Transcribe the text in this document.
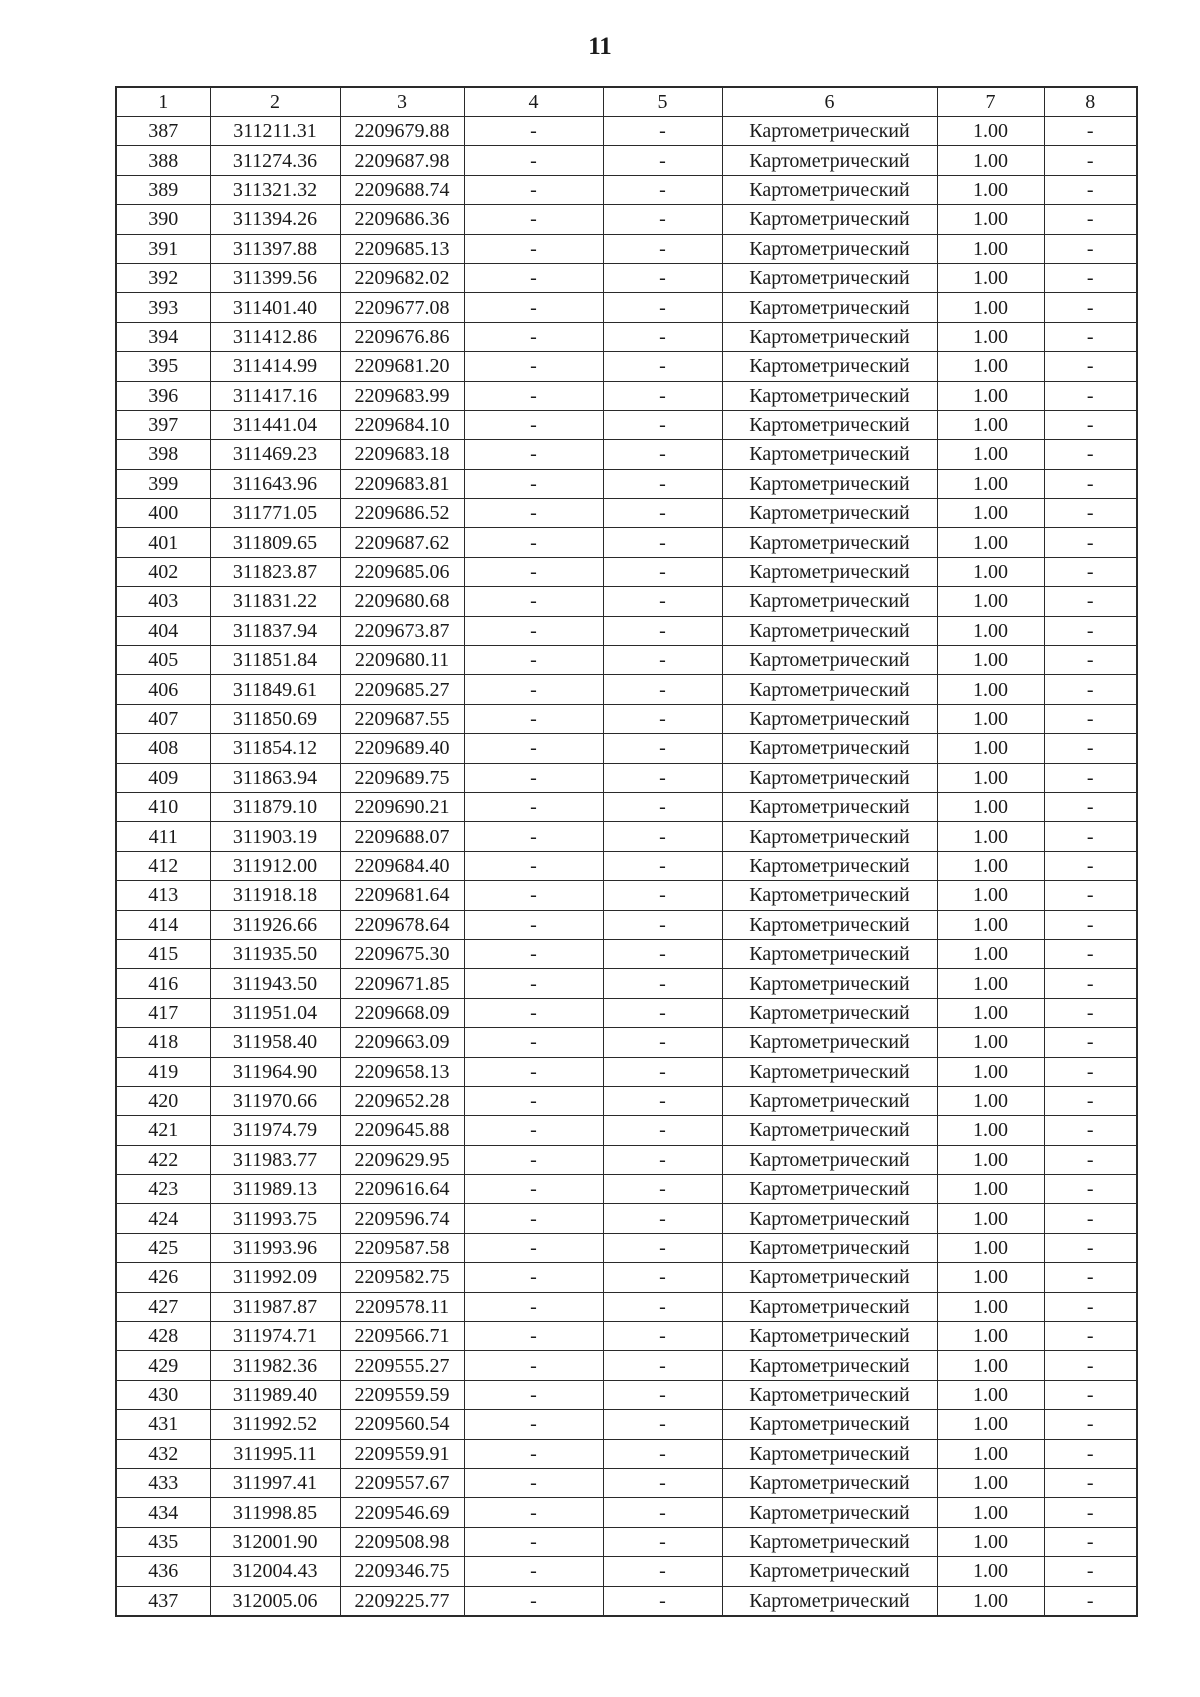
11
1	2	3	4	5	6	7	8
387	311211.31	2209679.88	-	-	Картометрический	1.00	-
388	311274.36	2209687.98	-	-	Картометрический	1.00	-
389	311321.32	2209688.74	-	-	Картометрический	1.00	-
390	311394.26	2209686.36	-	-	Картометрический	1.00	-
391	311397.88	2209685.13	-	-	Картометрический	1.00	-
392	311399.56	2209682.02	-	-	Картометрический	1.00	-
393	311401.40	2209677.08	-	-	Картометрический	1.00	-
394	311412.86	2209676.86	-	-	Картометрический	1.00	-
395	311414.99	2209681.20	-	-	Картометрический	1.00	-
396	311417.16	2209683.99	-	-	Картометрический	1.00	-
397	311441.04	2209684.10	-	-	Картометрический	1.00	-
398	311469.23	2209683.18	-	-	Картометрический	1.00	-
399	311643.96	2209683.81	-	-	Картометрический	1.00	-
400	311771.05	2209686.52	-	-	Картометрический	1.00	-
401	311809.65	2209687.62	-	-	Картометрический	1.00	-
402	311823.87	2209685.06	-	-	Картометрический	1.00	-
403	311831.22	2209680.68	-	-	Картометрический	1.00	-
404	311837.94	2209673.87	-	-	Картометрический	1.00	-
405	311851.84	2209680.11	-	-	Картометрический	1.00	-
406	311849.61	2209685.27	-	-	Картометрический	1.00	-
407	311850.69	2209687.55	-	-	Картометрический	1.00	-
408	311854.12	2209689.40	-	-	Картометрический	1.00	-
409	311863.94	2209689.75	-	-	Картометрический	1.00	-
410	311879.10	2209690.21	-	-	Картометрический	1.00	-
411	311903.19	2209688.07	-	-	Картометрический	1.00	-
412	311912.00	2209684.40	-	-	Картометрический	1.00	-
413	311918.18	2209681.64	-	-	Картометрический	1.00	-
414	311926.66	2209678.64	-	-	Картометрический	1.00	-
415	311935.50	2209675.30	-	-	Картометрический	1.00	-
416	311943.50	2209671.85	-	-	Картометрический	1.00	-
417	311951.04	2209668.09	-	-	Картометрический	1.00	-
418	311958.40	2209663.09	-	-	Картометрический	1.00	-
419	311964.90	2209658.13	-	-	Картометрический	1.00	-
420	311970.66	2209652.28	-	-	Картометрический	1.00	-
421	311974.79	2209645.88	-	-	Картометрический	1.00	-
422	311983.77	2209629.95	-	-	Картометрический	1.00	-
423	311989.13	2209616.64	-	-	Картометрический	1.00	-
424	311993.75	2209596.74	-	-	Картометрический	1.00	-
425	311993.96	2209587.58	-	-	Картометрический	1.00	-
426	311992.09	2209582.75	-	-	Картометрический	1.00	-
427	311987.87	2209578.11	-	-	Картометрический	1.00	-
428	311974.71	2209566.71	-	-	Картометрический	1.00	-
429	311982.36	2209555.27	-	-	Картометрический	1.00	-
430	311989.40	2209559.59	-	-	Картометрический	1.00	-
431	311992.52	2209560.54	-	-	Картометрический	1.00	-
432	311995.11	2209559.91	-	-	Картометрический	1.00	-
433	311997.41	2209557.67	-	-	Картометрический	1.00	-
434	311998.85	2209546.69	-	-	Картометрический	1.00	-
435	312001.90	2209508.98	-	-	Картометрический	1.00	-
436	312004.43	2209346.75	-	-	Картометрический	1.00	-
437	312005.06	2209225.77	-	-	Картометрический	1.00	-
